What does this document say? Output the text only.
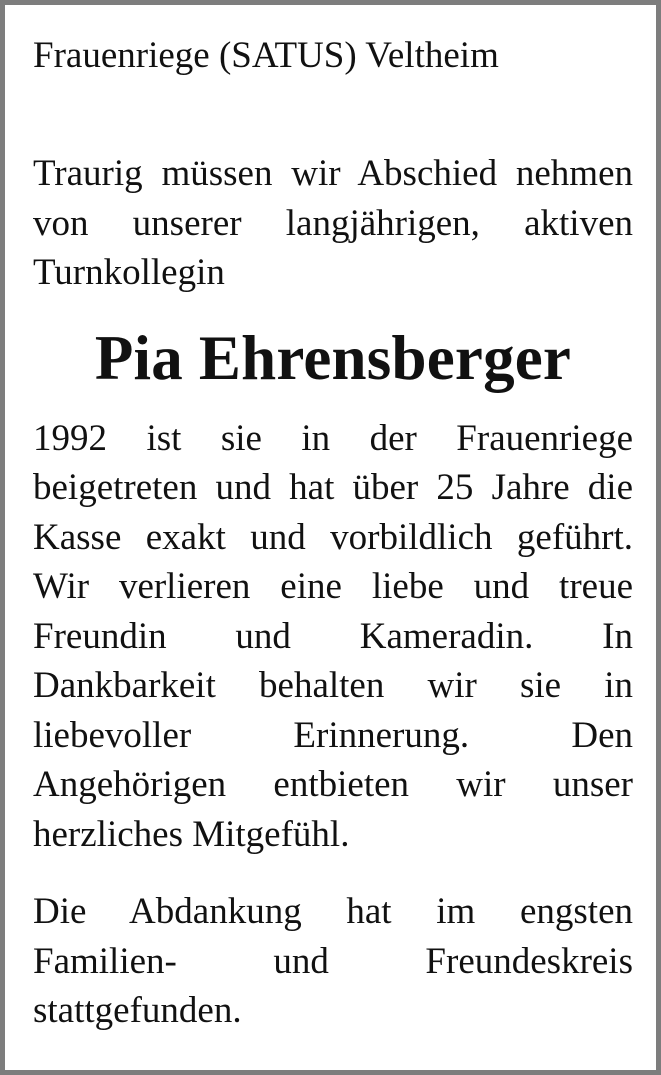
Frauenriege (SATUS) Veltheim

Traurig müssen wir Abschied nehmen von unserer langjährigen, aktiven Turnkollegin

Pia Ehrensberger

1992 ist sie in der Frauenriege beigetreten und hat über 25 Jahre die Kasse exakt und vorbildlich geführt. Wir verlieren eine liebe und treue Freundin und Kameradin. In Dankbarkeit behalten wir sie in liebevoller Erinnerung. Den Angehörigen entbieten wir unser herzliches Mitgefühl.

Die Abdankung hat im engsten Familien- und Freundeskreis stattgefunden.
